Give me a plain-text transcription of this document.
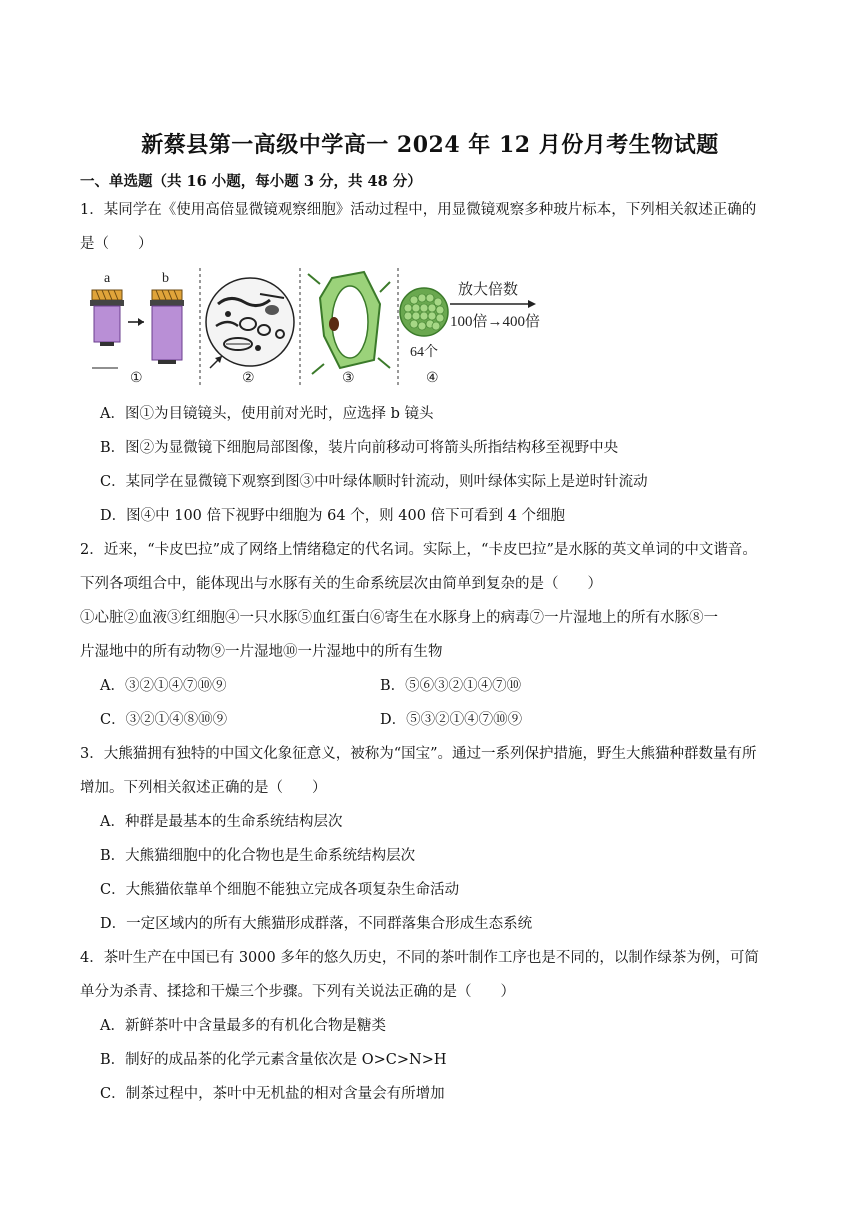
新蔡县第一高级中学高一 2024 年 12 月份月考生物试题
一、单选题（共 16 小题，每小题 3 分，共 48 分）
1．某同学在《使用高倍显微镜观察细胞》活动过程中，用显微镜观察多种玻片标本，下列相关叙述正确的
是（　　）
a	b
①	②	③
64个
放大倍数
100倍→400倍
④
A．图①为目镜镜头，使用前对光时，应选择 b 镜头
B．图②为显微镜下细胞局部图像，装片向前移动可将箭头所指结构移至视野中央
C．某同学在显微镜下观察到图③中叶绿体顺时针流动，则叶绿体实际上是逆时针流动
D．图④中 100 倍下视野中细胞为 64 个，则 400 倍下可看到 4 个细胞
2．近来，“卡皮巴拉”成了网络上情绪稳定的代名词。实际上，“卡皮巴拉”是水豚的英文单词的中文谐音。
下列各项组合中，能体现出与水豚有关的生命系统层次由简单到复杂的是（　　）
①心脏②血液③红细胞④一只水豚⑤血红蛋白⑥寄生在水豚身上的病毒⑦一片湿地上的所有水豚⑧一
片湿地中的所有动物⑨一片湿地⑩一片湿地中的所有生物
A．③②①④⑦⑩⑨	B．⑤⑥③②①④⑦⑩
C．③②①④⑧⑩⑨	D．⑤③②①④⑦⑩⑨
3．大熊猫拥有独特的中国文化象征意义，被称为“国宝”。通过一系列保护措施，野生大熊猫种群数量有所
增加。下列相关叙述正确的是（　　）
A．种群是最基本的生命系统结构层次
B．大熊猫细胞中的化合物也是生命系统结构层次
C．大熊猫依靠单个细胞不能独立完成各项复杂生命活动
D．一定区域内的所有大熊猫形成群落，不同群落集合形成生态系统
4．茶叶生产在中国已有 3000 多年的悠久历史，不同的茶叶制作工序也是不同的，以制作绿茶为例，可简
单分为杀青、揉捻和干燥三个步骤。下列有关说法正确的是（　　）
A．新鲜茶叶中含量最多的有机化合物是糖类
B．制好的成品茶的化学元素含量依次是 O>C>N>H
C．制茶过程中，茶叶中无机盐的相对含量会有所增加
